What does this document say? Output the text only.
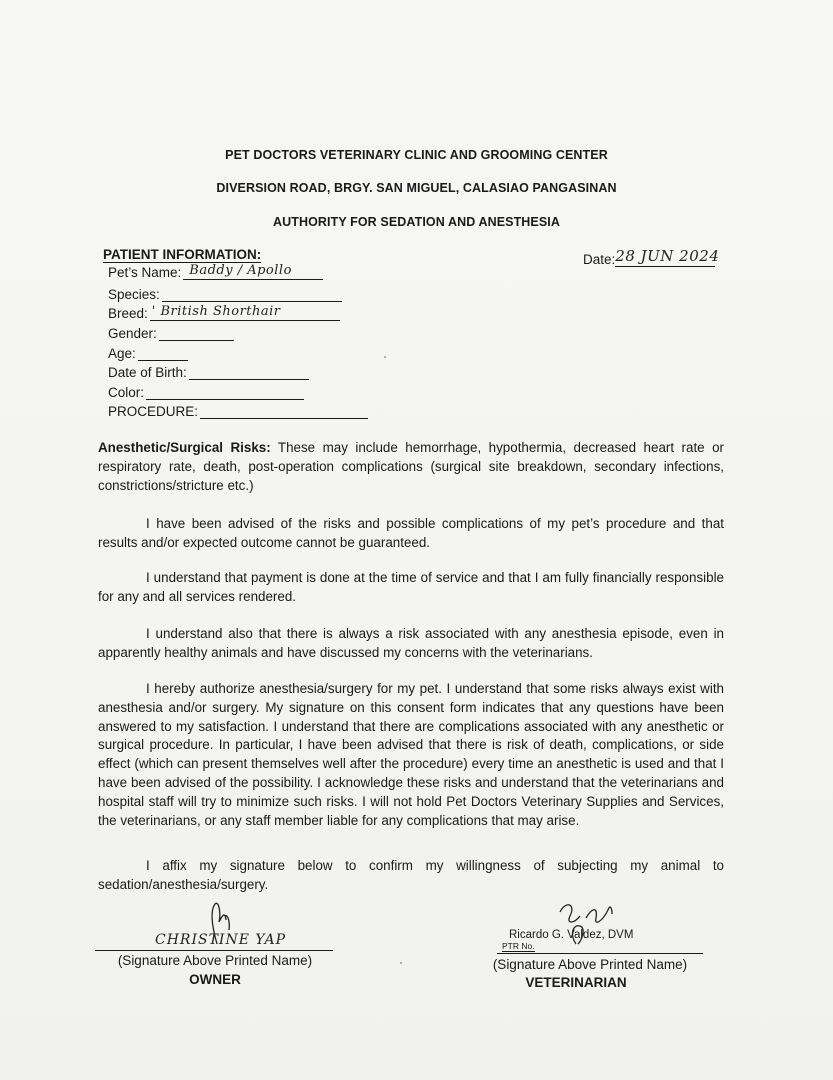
PET DOCTORS VETERINARY CLINIC AND GROOMING CENTER
DIVERSION ROAD, BRGY. SAN MIGUEL, CALASIAO PANGASINAN
AUTHORITY FOR SEDATION AND ANESTHESIA
PATIENT INFORMATION:
Pet’s Name: Baddy / Apollo
Species:
Breed: ' British Shorthair
Gender:
Age:
Date of Birth:
Color:
PROCEDURE:
Date: 28 JUN 2024
Anesthetic/Surgical Risks: These may include hemorrhage, hypothermia, decreased heart rate or respiratory rate, death, post-operation complications (surgical site breakdown, secondary infections, constrictions/stricture etc.)
I have been advised of the risks and possible complications of my pet’s procedure and that results and/or expected outcome cannot be guaranteed.
I understand that payment is done at the time of service and that I am fully financially responsible for any and all services rendered.
I understand also that there is always a risk associated with any anesthesia episode, even in apparently healthy animals and have discussed my concerns with the veterinarians.
I hereby authorize anesthesia/surgery for my pet. I understand that some risks always exist with anesthesia and/or surgery. My signature on this consent form indicates that any questions have been answered to my satisfaction. I understand that there are complications associated with any anesthetic or surgical procedure. In particular, I have been advised that there is risk of death, complications, or side effect (which can present themselves well after the procedure) every time an anesthetic is used and that I have been advised of the possibility. I acknowledge these risks and understand that the veterinarians and hospital staff will try to minimize such risks. I will not hold Pet Doctors Veterinary Supplies and Services, the veterinarians, or any staff member liable for any complications that may arise.
I affix my signature below to confirm my willingness of subjecting my animal to sedation/anesthesia/surgery.
CHRISTINE YAP
(Signature Above Printed Name)
OWNER
Ricardo G. Valdez, DVM
PTR No.
(Signature Above Printed Name)
VETERINARIAN
